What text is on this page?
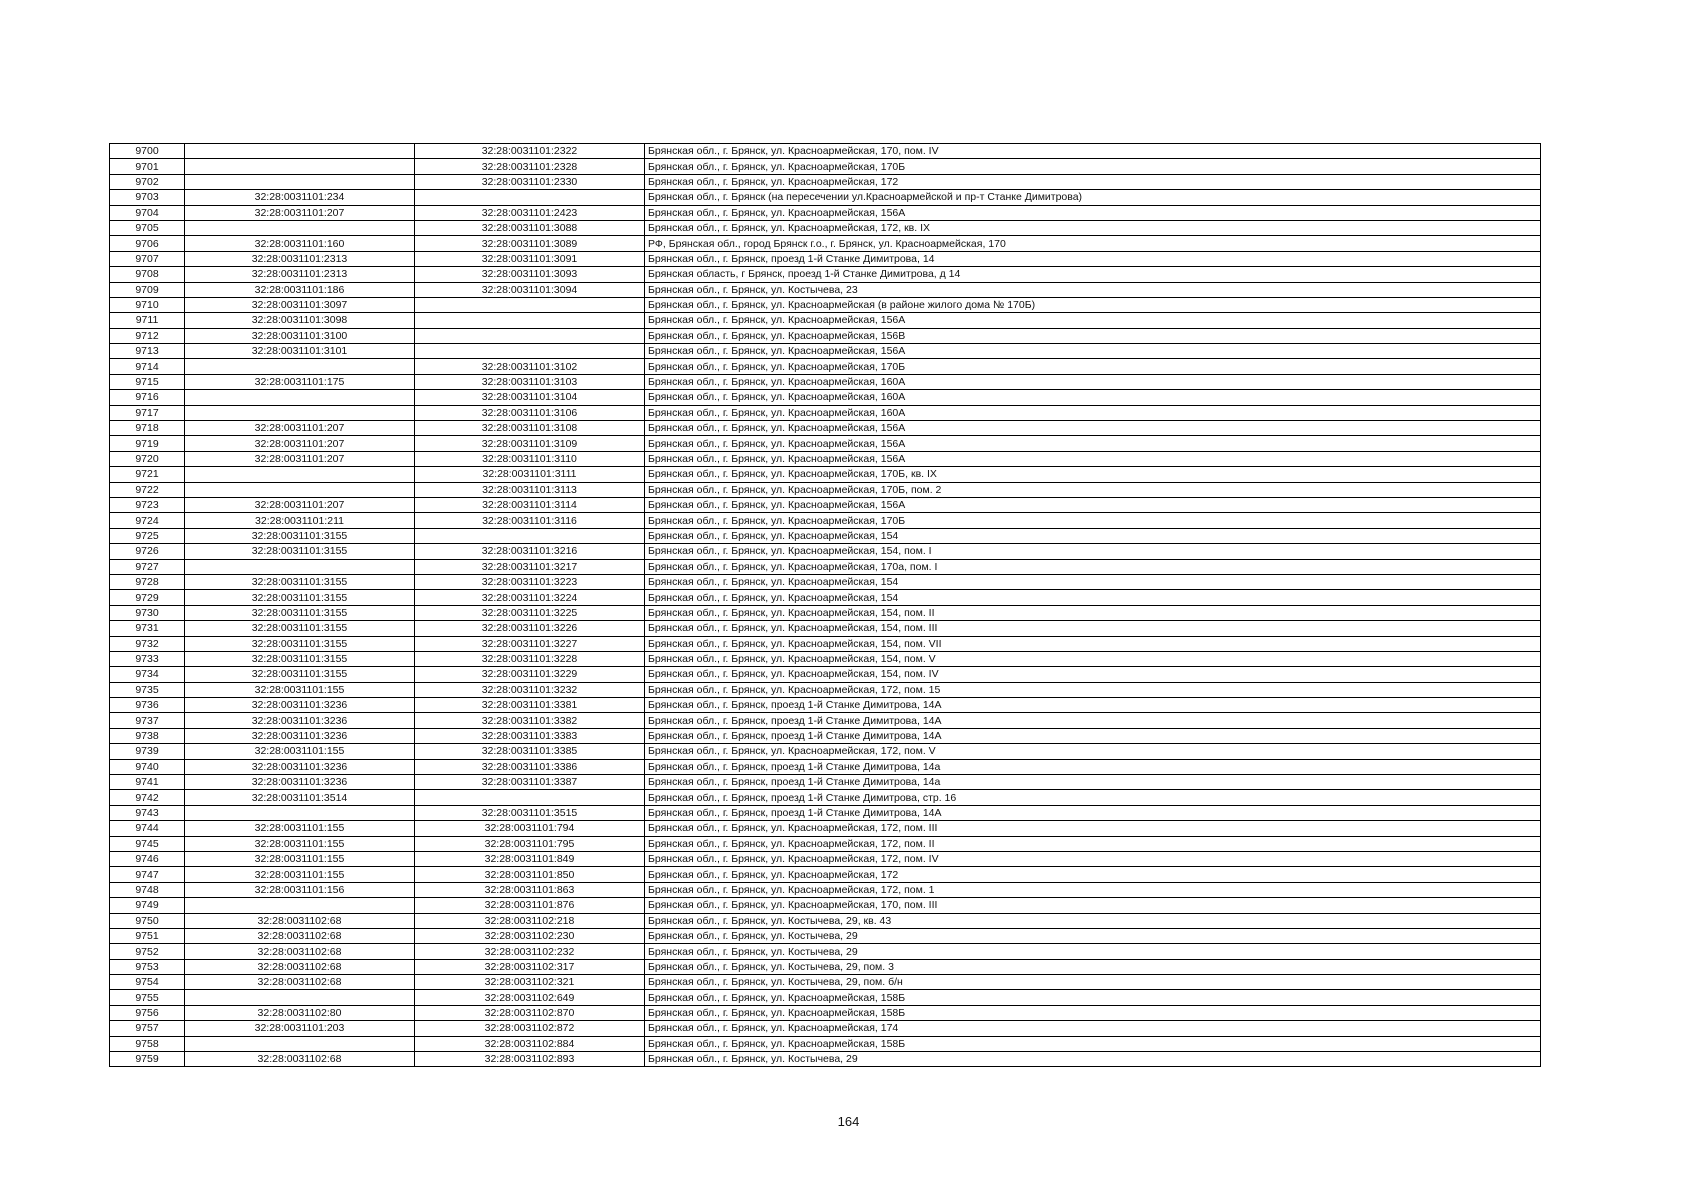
9700		32:28:0031101:2322	Брянская обл., г. Брянск, ул. Красноармейская, 170, пом. IV
9701		32:28:0031101:2328	Брянская обл., г. Брянск, ул. Красноармейская, 170Б
9702		32:28:0031101:2330	Брянская обл., г. Брянск, ул. Красноармейская, 172
9703	32:28:0031101:234		Брянская обл., г. Брянск (на пересечении ул.Красноармейской и пр-т Станке Димитрова)
9704	32:28:0031101:207	32:28:0031101:2423	Брянская обл., г. Брянск, ул. Красноармейская, 156А
9705		32:28:0031101:3088	Брянская обл., г. Брянск, ул. Красноармейская, 172, кв. IX
9706	32:28:0031101:160	32:28:0031101:3089	РФ, Брянская обл., город Брянск г.о., г. Брянск, ул. Красноармейская, 170
9707	32:28:0031101:2313	32:28:0031101:3091	Брянская обл., г. Брянск, проезд 1-й Станке Димитрова, 14
9708	32:28:0031101:2313	32:28:0031101:3093	Брянская область, г Брянск, проезд 1-й Станке Димитрова, д 14
9709	32:28:0031101:186	32:28:0031101:3094	Брянская обл., г. Брянск, ул. Костычева, 23
9710	32:28:0031101:3097		Брянская обл., г. Брянск, ул. Красноармейская (в районе жилого дома № 170Б)
9711	32:28:0031101:3098		Брянская обл., г. Брянск, ул. Красноармейская, 156А
9712	32:28:0031101:3100		Брянская обл., г. Брянск, ул. Красноармейская, 156В
9713	32:28:0031101:3101		Брянская обл., г. Брянск, ул. Красноармейская, 156А
9714		32:28:0031101:3102	Брянская обл., г. Брянск, ул. Красноармейская, 170Б
9715	32:28:0031101:175	32:28:0031101:3103	Брянская обл., г. Брянск, ул. Красноармейская, 160А
9716		32:28:0031101:3104	Брянская обл., г. Брянск, ул. Красноармейская, 160А
9717		32:28:0031101:3106	Брянская обл., г. Брянск, ул. Красноармейская, 160А
9718	32:28:0031101:207	32:28:0031101:3108	Брянская обл., г. Брянск, ул. Красноармейская, 156А
9719	32:28:0031101:207	32:28:0031101:3109	Брянская обл., г. Брянск, ул. Красноармейская, 156А
9720	32:28:0031101:207	32:28:0031101:3110	Брянская обл., г. Брянск, ул. Красноармейская, 156А
9721		32:28:0031101:3111	Брянская обл., г. Брянск, ул. Красноармейская, 170Б, кв. IX
9722		32:28:0031101:3113	Брянская обл., г. Брянск, ул. Красноармейская, 170Б, пом. 2
9723	32:28:0031101:207	32:28:0031101:3114	Брянская обл., г. Брянск, ул. Красноармейская, 156А
9724	32:28:0031101:211	32:28:0031101:3116	Брянская обл., г. Брянск, ул. Красноармейская, 170Б
9725	32:28:0031101:3155		Брянская обл., г. Брянск, ул. Красноармейская, 154
9726	32:28:0031101:3155	32:28:0031101:3216	Брянская обл., г. Брянск, ул. Красноармейская, 154, пом. I
9727		32:28:0031101:3217	Брянская обл., г. Брянск, ул. Красноармейская, 170а, пом. I
9728	32:28:0031101:3155	32:28:0031101:3223	Брянская обл., г. Брянск, ул. Красноармейская, 154
9729	32:28:0031101:3155	32:28:0031101:3224	Брянская обл., г. Брянск, ул. Красноармейская, 154
9730	32:28:0031101:3155	32:28:0031101:3225	Брянская обл., г. Брянск, ул. Красноармейская, 154, пом. II
9731	32:28:0031101:3155	32:28:0031101:3226	Брянская обл., г. Брянск, ул. Красноармейская, 154, пом. III
9732	32:28:0031101:3155	32:28:0031101:3227	Брянская обл., г. Брянск, ул. Красноармейская, 154, пом. VII
9733	32:28:0031101:3155	32:28:0031101:3228	Брянская обл., г. Брянск, ул. Красноармейская, 154, пом. V
9734	32:28:0031101:3155	32:28:0031101:3229	Брянская обл., г. Брянск, ул. Красноармейская, 154, пом. IV
9735	32:28:0031101:155	32:28:0031101:3232	Брянская обл., г. Брянск, ул. Красноармейская, 172, пом. 15
9736	32:28:0031101:3236	32:28:0031101:3381	Брянская обл., г. Брянск, проезд 1-й Станке Димитрова, 14А
9737	32:28:0031101:3236	32:28:0031101:3382	Брянская обл., г. Брянск, проезд 1-й Станке Димитрова, 14А
9738	32:28:0031101:3236	32:28:0031101:3383	Брянская обл., г. Брянск, проезд 1-й Станке Димитрова, 14А
9739	32:28:0031101:155	32:28:0031101:3385	Брянская обл., г. Брянск, ул. Красноармейская, 172, пом. V
9740	32:28:0031101:3236	32:28:0031101:3386	Брянская обл., г. Брянск, проезд 1-й Станке Димитрова, 14а
9741	32:28:0031101:3236	32:28:0031101:3387	Брянская обл., г. Брянск, проезд 1-й Станке Димитрова, 14а
9742	32:28:0031101:3514		Брянская обл., г. Брянск, проезд 1-й Станке Димитрова, стр. 16
9743		32:28:0031101:3515	Брянская обл., г. Брянск, проезд 1-й Станке Димитрова, 14А
9744	32:28:0031101:155	32:28:0031101:794	Брянская обл., г. Брянск, ул. Красноармейская, 172, пом. III
9745	32:28:0031101:155	32:28:0031101:795	Брянская обл., г. Брянск, ул. Красноармейская, 172, пом. II
9746	32:28:0031101:155	32:28:0031101:849	Брянская обл., г. Брянск, ул. Красноармейская, 172, пом. IV
9747	32:28:0031101:155	32:28:0031101:850	Брянская обл., г. Брянск, ул. Красноармейская, 172
9748	32:28:0031101:156	32:28:0031101:863	Брянская обл., г. Брянск, ул. Красноармейская, 172, пом. 1
9749		32:28:0031101:876	Брянская обл., г. Брянск, ул. Красноармейская, 170, пом. III
9750	32:28:0031102:68	32:28:0031102:218	Брянская обл., г. Брянск, ул. Костычева, 29, кв. 43
9751	32:28:0031102:68	32:28:0031102:230	Брянская обл., г. Брянск, ул. Костычева, 29
9752	32:28:0031102:68	32:28:0031102:232	Брянская обл., г. Брянск, ул. Костычева, 29
9753	32:28:0031102:68	32:28:0031102:317	Брянская обл., г. Брянск, ул. Костычева, 29, пом. 3
9754	32:28:0031102:68	32:28:0031102:321	Брянская обл., г. Брянск, ул. Костычева, 29, пом. б/н
9755		32:28:0031102:649	Брянская обл., г. Брянск, ул. Красноармейская, 158Б
9756	32:28:0031102:80	32:28:0031102:870	Брянская обл., г. Брянск, ул. Красноармейская, 158Б
9757	32:28:0031101:203	32:28:0031102:872	Брянская обл., г. Брянск, ул. Красноармейская, 174
9758		32:28:0031102:884	Брянская обл., г. Брянск, ул. Красноармейская, 158Б
9759	32:28:0031102:68	32:28:0031102:893	Брянская обл., г. Брянск, ул. Костычева, 29
164
